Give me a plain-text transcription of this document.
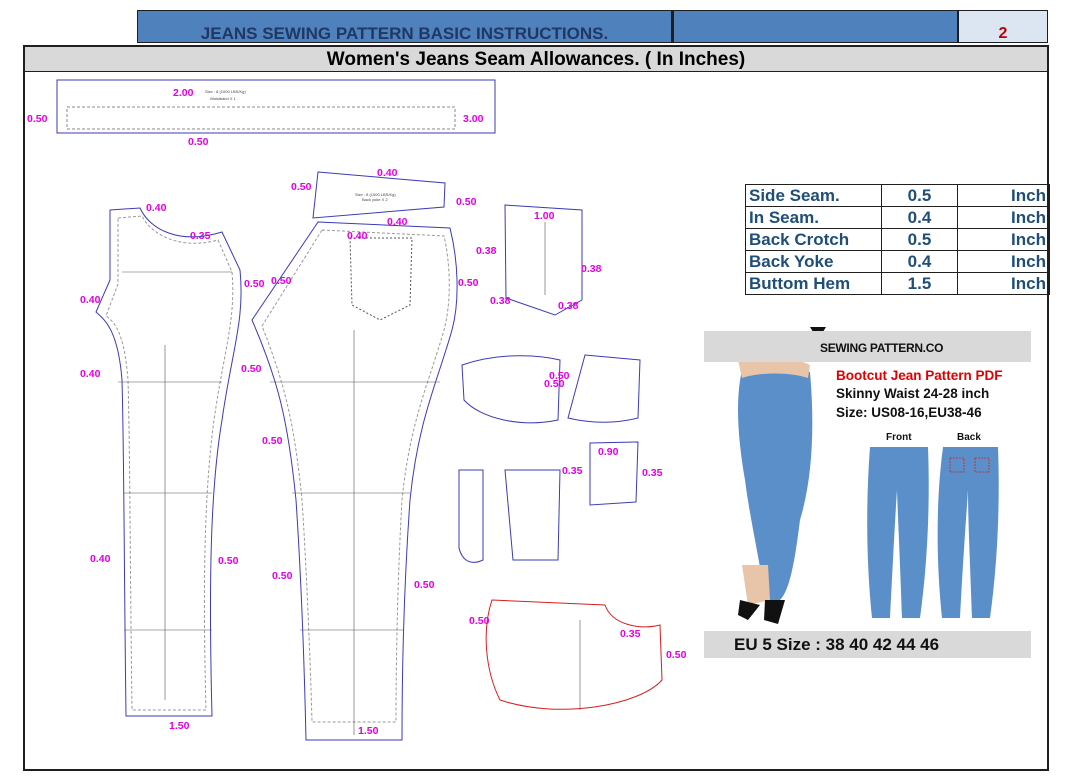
JEANS SEWING PATTERN BASIC INSTRUCTIONS.	2
Women's Jeans Seam Allowances. ( In Inches)
Size : 8 (1000 LBS/Kg)
Waistband X 1
Size : 8 (1000 LBS/Kg)
Back yoke X 2
2.00
0.50	3.00
0.50
0.40
0.35
0.50
0.40
0.40
0.40	0.50
1.50
0.50
0.40
0.50
0.40
0.40
0.50	0.50
0.50
0.50
0.50
0.50
1.50
1.00
0.38
0.38
0.38	0.38
0.50
0.50
0.90
0.35	0.35
0.50
0.35
0.50
Side Seam.	0.5	Inch
In Seam.	0.4	Inch
Back Crotch	0.5	Inch
Back Yoke	0.4	Inch
Buttom Hem	1.5	Inch
SEWING PATTERN.CO
Bootcut Jean Pattern PDF
Skinny Waist 24-28 inch
Size: US08-16,EU38-46
Front	Back
EU 5 Size : 38 40 42 44 46
